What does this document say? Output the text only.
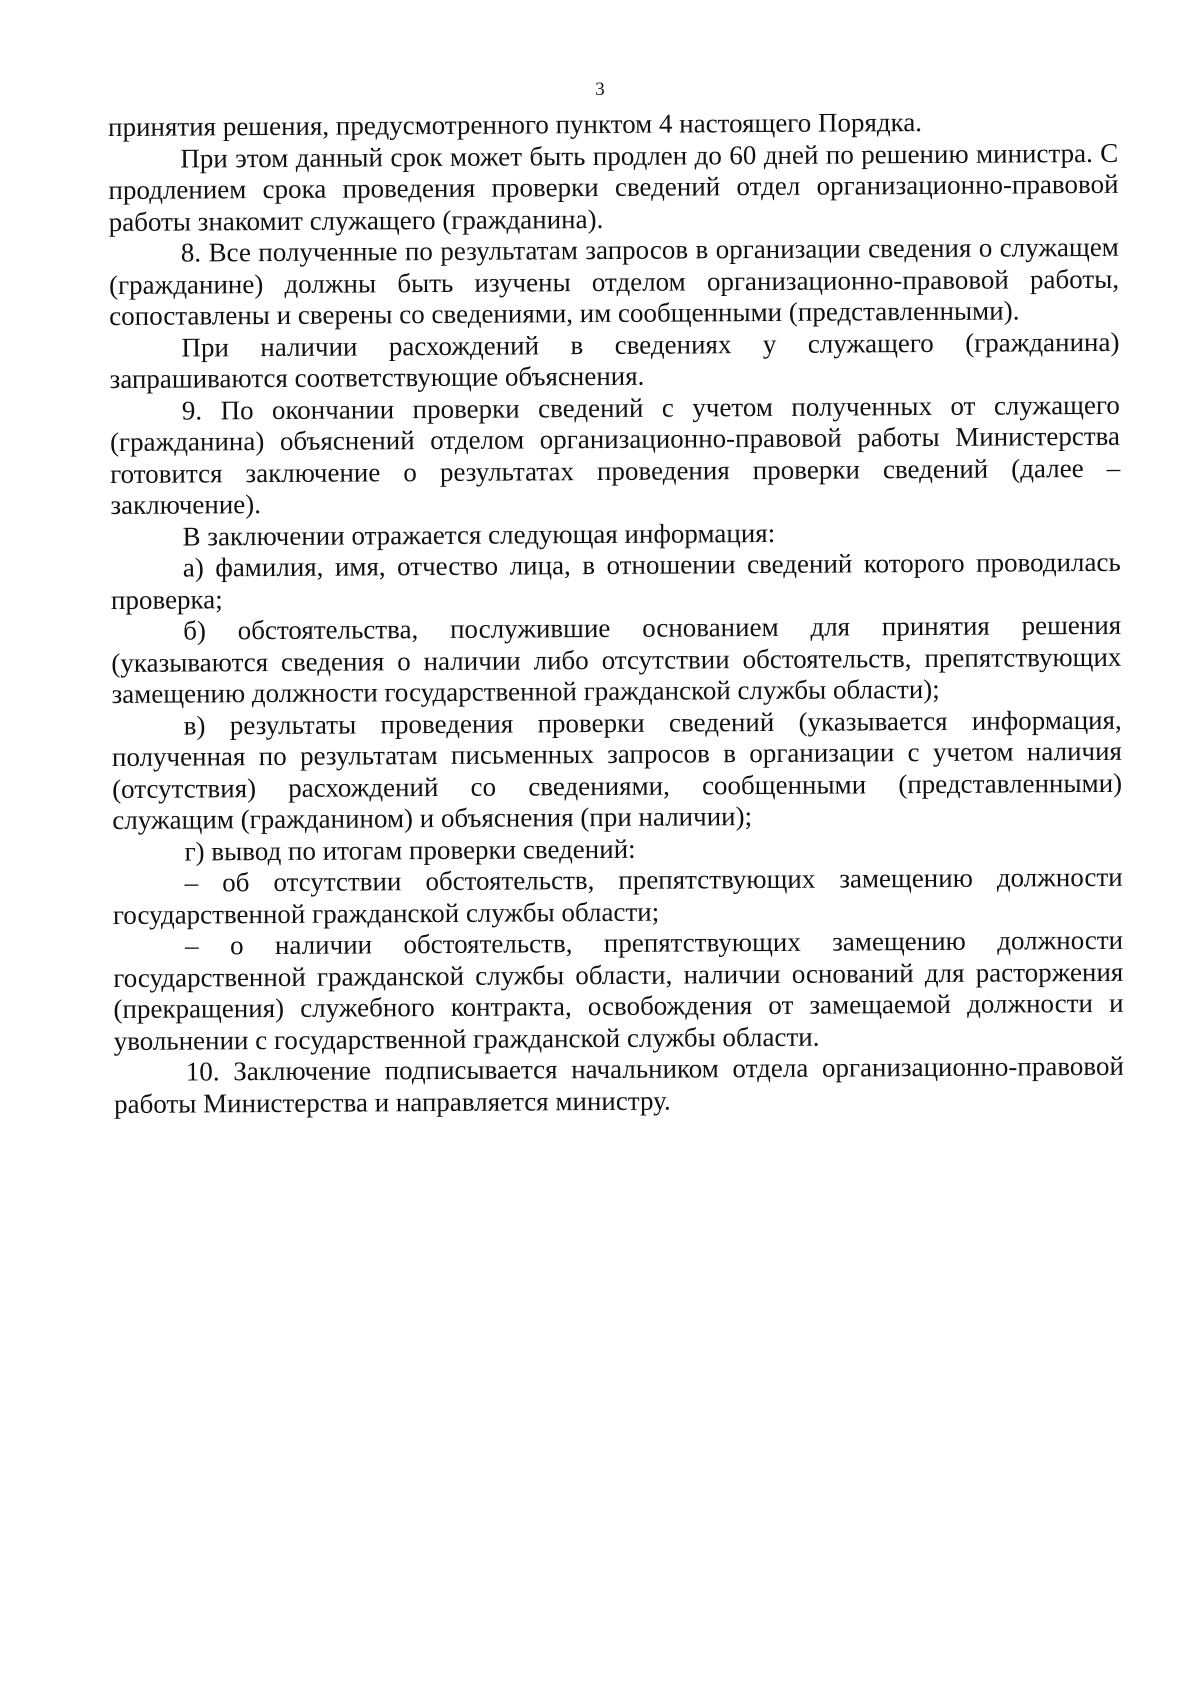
3

принятия решения, предусмотренного пунктом 4 настоящего Порядка.

При этом данный срок может быть продлен до 60 дней по решению министра. С продлением срока проведения проверки сведений отдел организационно-правовой работы знакомит служащего (гражданина).

8. Все полученные по результатам запросов в организации сведения о служащем (гражданине) должны быть изучены отделом организационно-правовой работы, сопоставлены и сверены со сведениями, им сообщенными (представленными).

При наличии расхождений в сведениях у служащего (гражданина) запрашиваются соответствующие объяснения.

9. По окончании проверки сведений с учетом полученных от служащего (гражданина) объяснений отделом организационно-правовой работы Министерства готовится заключение о результатах проведения проверки сведений (далее – заключение).

В заключении отражается следующая информация:

а) фамилия, имя, отчество лица, в отношении сведений которого проводилась проверка;

б) обстоятельства, послужившие основанием для принятия решения (указываются сведения о наличии либо отсутствии обстоятельств, препятствующих замещению должности государственной гражданской службы области);

в) результаты проведения проверки сведений (указывается информация, полученная по результатам письменных запросов в организации с учетом наличия (отсутствия) расхождений со сведениями, сообщенными (представленными) служащим (гражданином) и объяснения (при наличии);

г) вывод по итогам проверки сведений:

– об отсутствии обстоятельств, препятствующих замещению должности государственной гражданской службы области;

– о наличии обстоятельств, препятствующих замещению должности государственной гражданской службы области, наличии оснований для расторжения (прекращения) служебного контракта, освобождения от замещаемой должности и увольнении с государственной гражданской службы области.

10. Заключение подписывается начальником отдела организационно-правовой работы Министерства и направляется министру.
